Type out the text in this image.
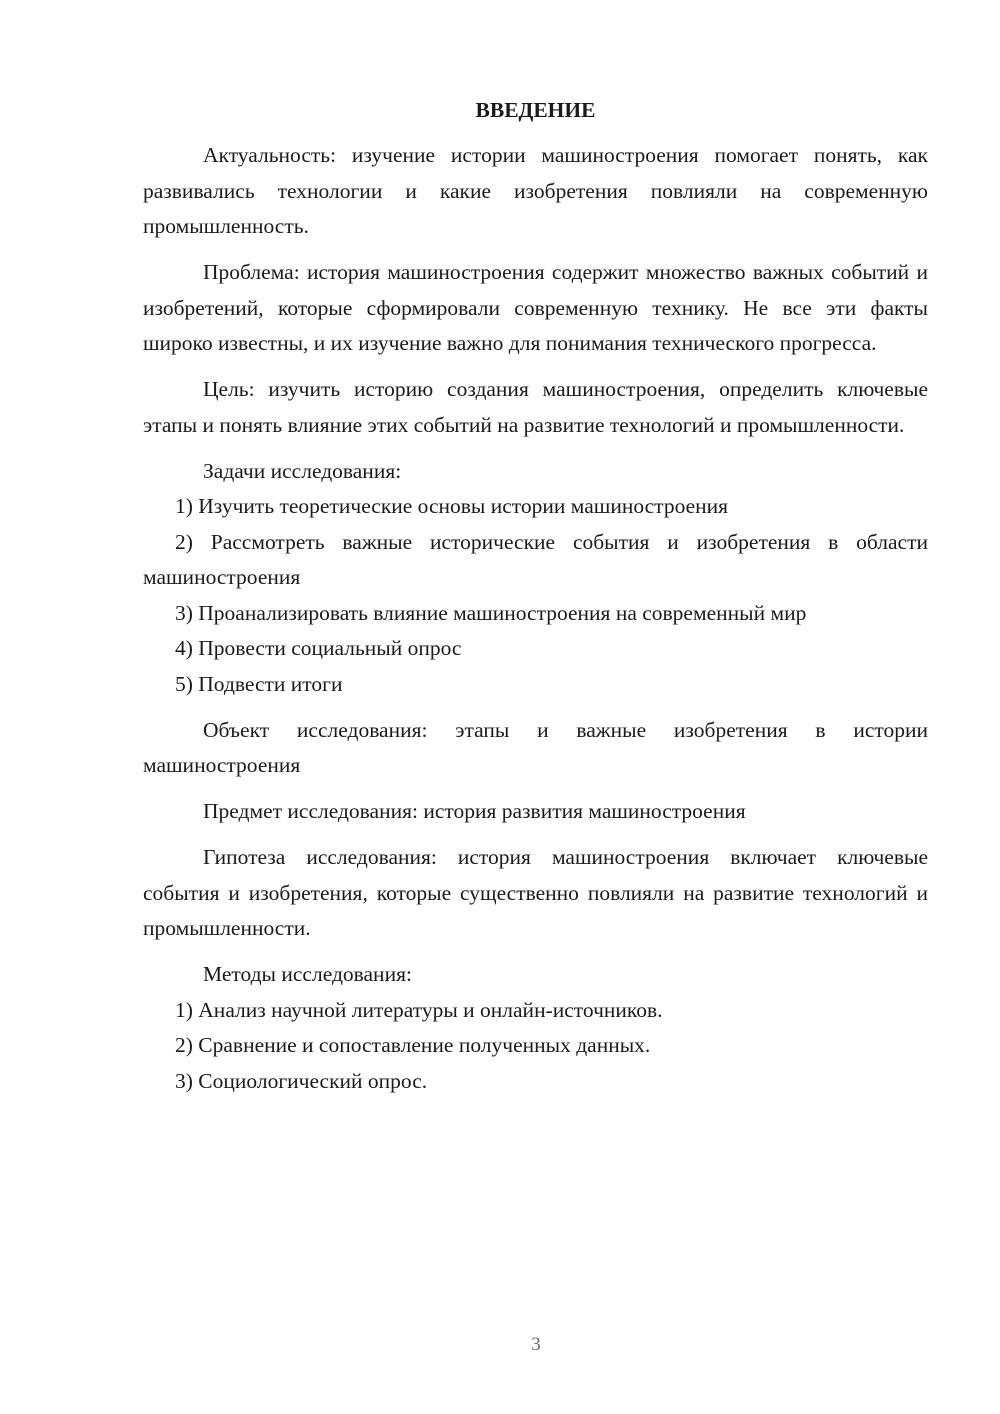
ВВЕДЕНИЕ

Актуальность: изучение истории машиностроения помогает понять, как развивались технологии и какие изобретения повлияли на современную промышленность.

Проблема: история машиностроения содержит множество важных событий и изобретений, которые сформировали современную технику. Не все эти факты широко известны, и их изучение важно для понимания технического прогресса.

Цель: изучить историю создания машиностроения, определить ключевые этапы и понять влияние этих событий на развитие технологий и промышленности.

Задачи исследования:

1) Изучить теоретические основы истории машиностроения

2) Рассмотреть важные исторические события и изобретения в области машиностроения

3) Проанализировать влияние машиностроения на современный мир

4) Провести социальный опрос

5) Подвести итоги

Объект исследования: этапы и важные изобретения в истории машиностроения

Предмет исследования: история развития машиностроения

Гипотеза исследования: история машиностроения включает ключевые события и изобретения, которые существенно повлияли на развитие технологий и промышленности.

Методы исследования:

1) Анализ научной литературы и онлайн-источников.

2) Сравнение и сопоставление полученных данных.

3) Социологический опрос.

3
